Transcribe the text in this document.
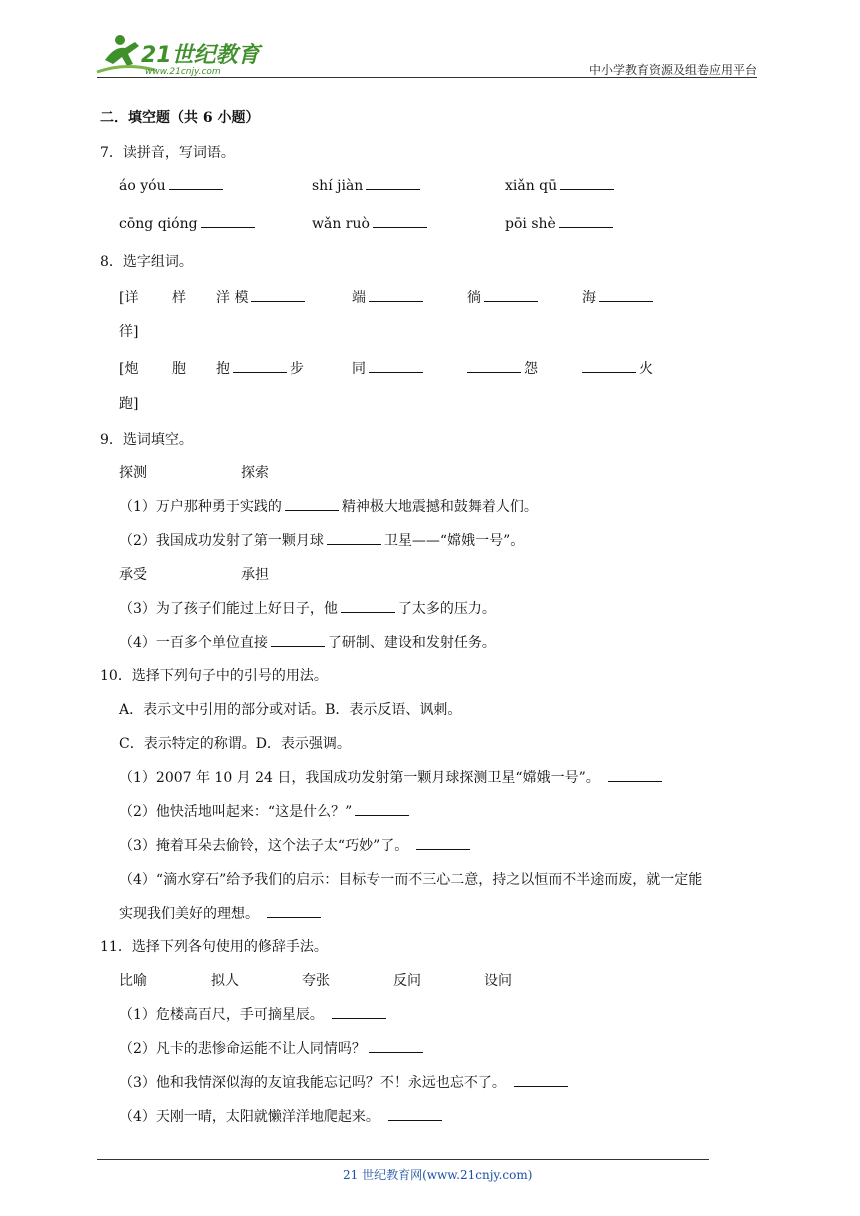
21世纪教育
www.21cnjy.com	中小学教育资源及组卷应用平台
二．填空题（共 6 小题）
7．读拼音，写词语。
áo yóu	shí jiàn	xiǎn qū
cōng qióng	wǎn ruò	pōi shè
8．选字组词。
[详 样 洋 模	端	徜	海
徉]
[炮 胞 抱	步	同	怨	火
跑]
9．选词填空。
探测	探索
（1）万户那种勇于实践的	精神极大地震撼和鼓舞着人们。
（2）我国成功发射了第一颗月球	卫星——“嫦娥一号”。
承受	承担
（3）为了孩子们能过上好日子，他	了太多的压力。
（4）一百多个单位直接	了研制、建设和发射任务。
10．选择下列句子中的引号的用法。
A．表示文中引用的部分或对话。B．表示反语、讽刺。
C．表示特定的称谓。D．表示强调。
（1）2007 年 10 月 24 日，我国成功发射第一颗月球探测卫星“嫦娥一号”。
（2）他快活地叫起来：“这是什么？”
（3）掩着耳朵去偷铃，这个法子太“巧妙”了。
（4）“滴水穿石”给予我们的启示：目标专一而不三心二意，持之以恒而不半途而废，就一定能
实现我们美好的理想。
11．选择下列各句使用的修辞手法。
比喻	拟人	夸张	反问	设问
（1）危楼高百尺，手可摘星辰。
（2）凡卡的悲惨命运能不让人同情吗？
（3）他和我情深似海的友谊我能忘记吗？不！永远也忘不了。
（4）天刚一晴，太阳就懒洋洋地爬起来。
21 世纪教育网(www.21cnjy.com)
